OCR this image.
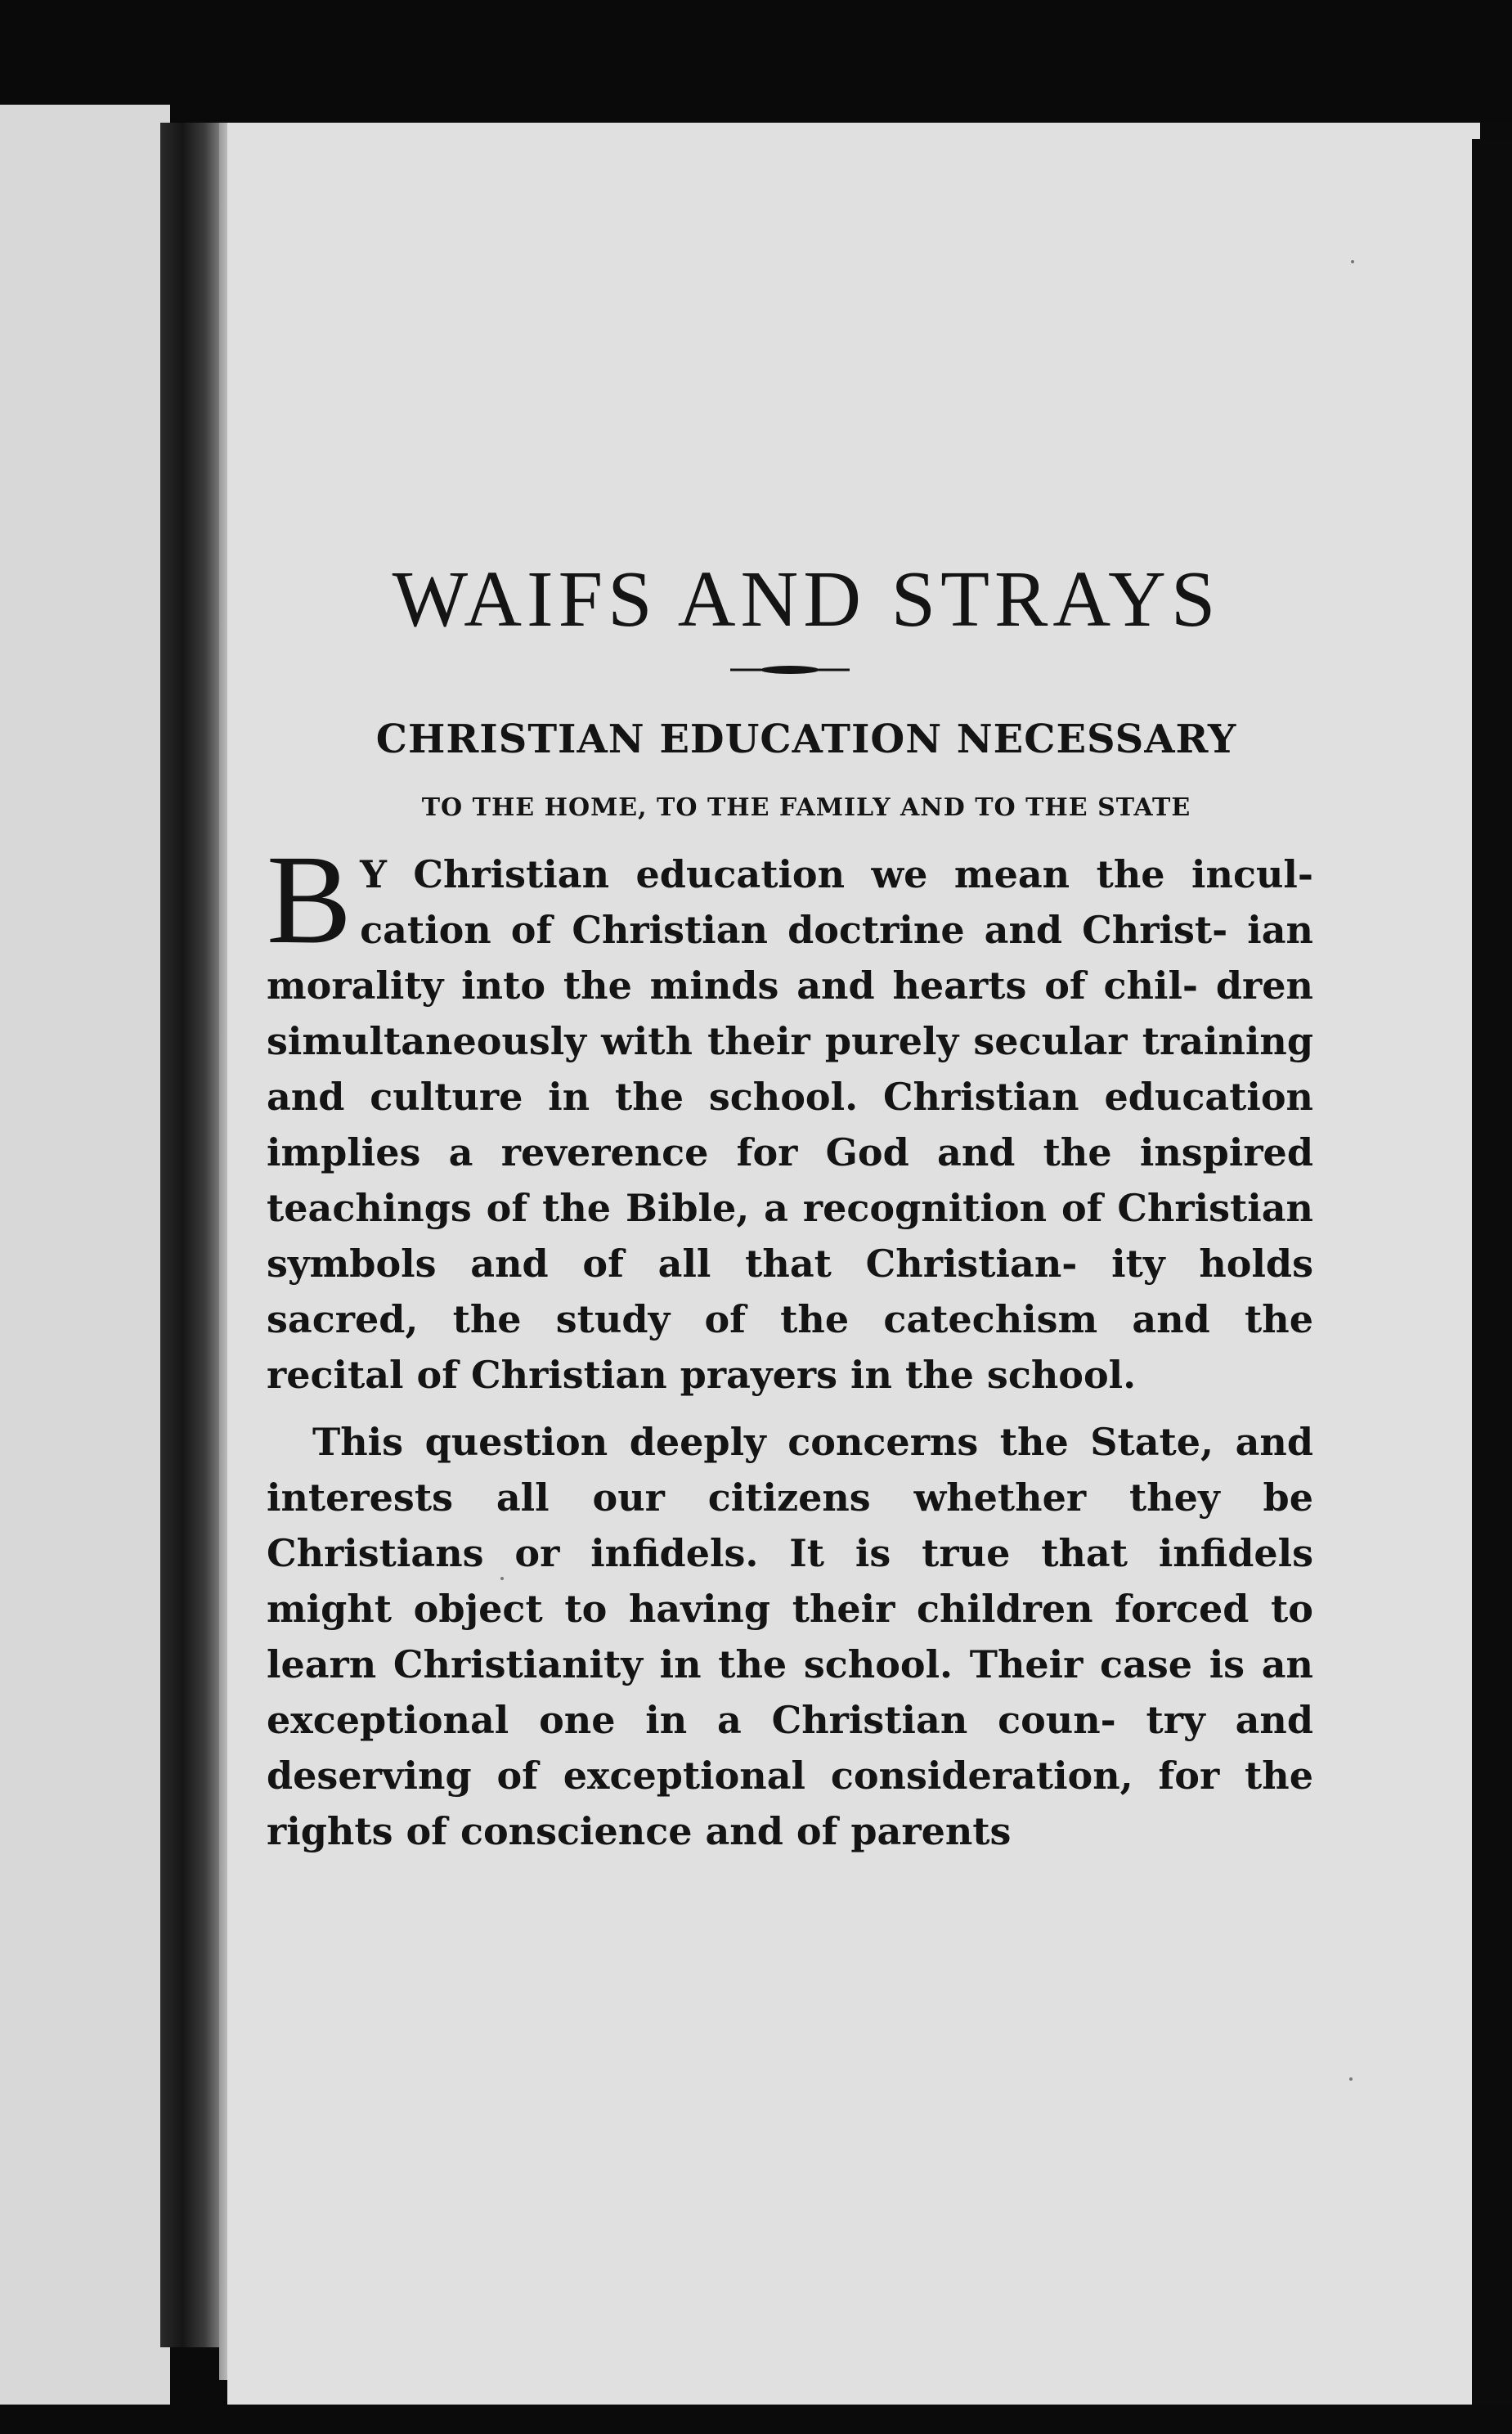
WAIFS AND STRAYS
CHRISTIAN EDUCATION NECESSARY
TO THE HOME, TO THE FAMILY AND TO THE STATE

B Y Christian education we mean the incul- cation of Christian doctrine and Christ- ian morality into the minds and hearts of chil- dren simultaneously with their purely secular training and culture in the school. Christian education implies a reverence for God and the inspired teachings of the Bible, a recognition of Christian symbols and of all that Christian- ity holds sacred, the study of the catechism and the recital of Christian prayers in the school.

This question deeply concerns the State, and interests all our citizens whether they be Christians or infidels. It is true that infidels might object to having their children forced to learn Christianity in the school. Their case is an exceptional one in a Christian coun- try and deserving of exceptional consideration, for the rights of conscience and of parents
